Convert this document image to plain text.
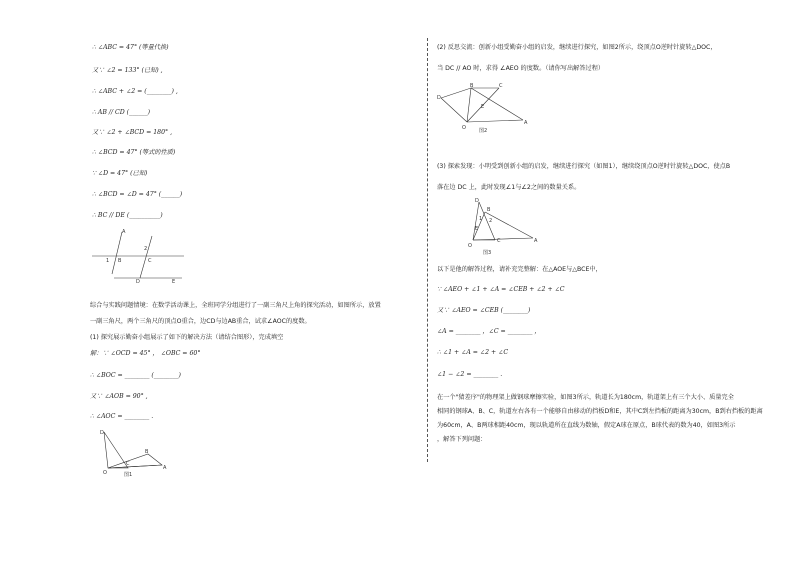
∴ ∠ABC = 47° (等量代换)
又∵ ∠2 = 133° (已知) ,
∴ ∠ABC + ∠2 = (________) ,
∴ AB // CD (______)
又∵ ∠2 + ∠BCD = 180° ,
∴ ∠BCD = 47° (等式的性质)
∵ ∠D = 47° (已知)
∴ ∠BCD = ∠D = 47° (______)
∴ BC // DE (__________)
A
2
1 B	C
D	E
综合与实践问题情境：在数学活动课上，全班同学分组进行了一副三角尺上角的探究活动，如图所示，放置
一副三角尺，两个三角尺的顶点O重合，边CD与边AB重合，试求∠AOC的度数。
(1) 探究展示勤奋小组展示了如下的解决方法（请结合图形），完成填空
解：∵ ∠OCD = 45° ， ∠OBC = 60°
∴ ∠BOC = ________ (________)
又∵ ∠AOB = 90° ,
∴ ∠AOC = ________ .
D
B
C
O
A
图1
(2) 反思交流：创新小组受勤奋小组的启发，继续进行探究，如图2所示，绕顶点O逆时针旋转△DOC，
当 DC // AO 时，求得 ∠AEO 的度数。（请你写出解答过程）
D
B	C
E
O
A
图2
(3) 探索发现：小明受到创新小组的启发，继续进行探究（如图1），继续绕顶点O逆时针旋转△DOC，使点B
落在边 DC 上，此时发现∠1与∠2之间的数量关系。
D
B
C
1 2
E
O
A
图3
以下是他的解答过程，请补充完整解：在△AOE与△BCE中，
∵ ∠AEO + ∠1 + ∠A = ∠CEB + ∠2 + ∠C
又∵ ∠AEO = ∠CEB (________)
∠A = ________ ，∠C = ________ ，
∴ ∠1 + ∠A = ∠2 + ∠C
∠1 − ∠2 = ________ .
在一个"猜差序"的物理架上做钢球摩擦实验，如图3所示，轨道长为180cm，轨道架上有三个大小、质量完全
相同的钢球A、B、C，轨道左右各有一个能够自由移动的挡板D和E，其中C到左挡板的距离为30cm，B到右挡板的距离
为60cm，A、B两球相距40cm，现以轨道所在直线为数轴，假定A球在原点，B球代表的数为40，如图3所示
，解答下列问题：
